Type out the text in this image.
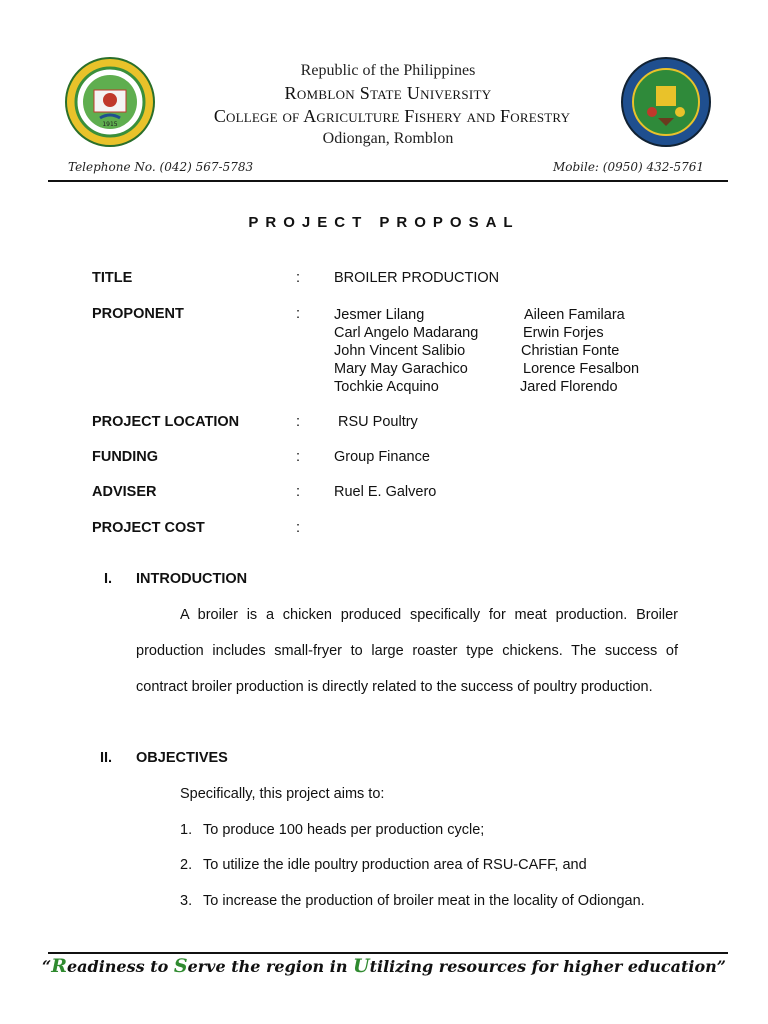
1915
Republic of the Philippines
Romblon State University
College of Agriculture Fishery and Forestry
Odiongan, Romblon
Telephone No. (042) 567-5783	Mobile: (0950) 432-5761
PROJECT PROPOSAL
TITLE	: BROILER PRODUCTION
PROPONENT	: Jesmer Lilang	Aileen Familara
Carl Angelo Madarang	Erwin Forjes
John Vincent Salibio	Christian Fonte
Mary May Garachico	Lorence Fesalbon
Tochkie Acquino	Jared Florendo
PROJECT LOCATION	: RSU Poultry
FUNDING	: Group Finance
ADVISER	: Ruel E. Galvero
PROJECT COST	:
I. INTRODUCTION
A broiler is a chicken produced specifically for meat production. Broiler production includes small-fryer to large roaster type chickens. The success of contract broiler production is directly related to the success of poultry production.
II. OBJECTIVES
Specifically, this project aims to:
1. To produce 100 heads per production cycle;
2. To utilize the idle poultry production area of RSU-CAFF, and
3. To increase the production of broiler meat in the locality of Odiongan.
“Readiness to Serve the region in Utilizing resources for higher education”
